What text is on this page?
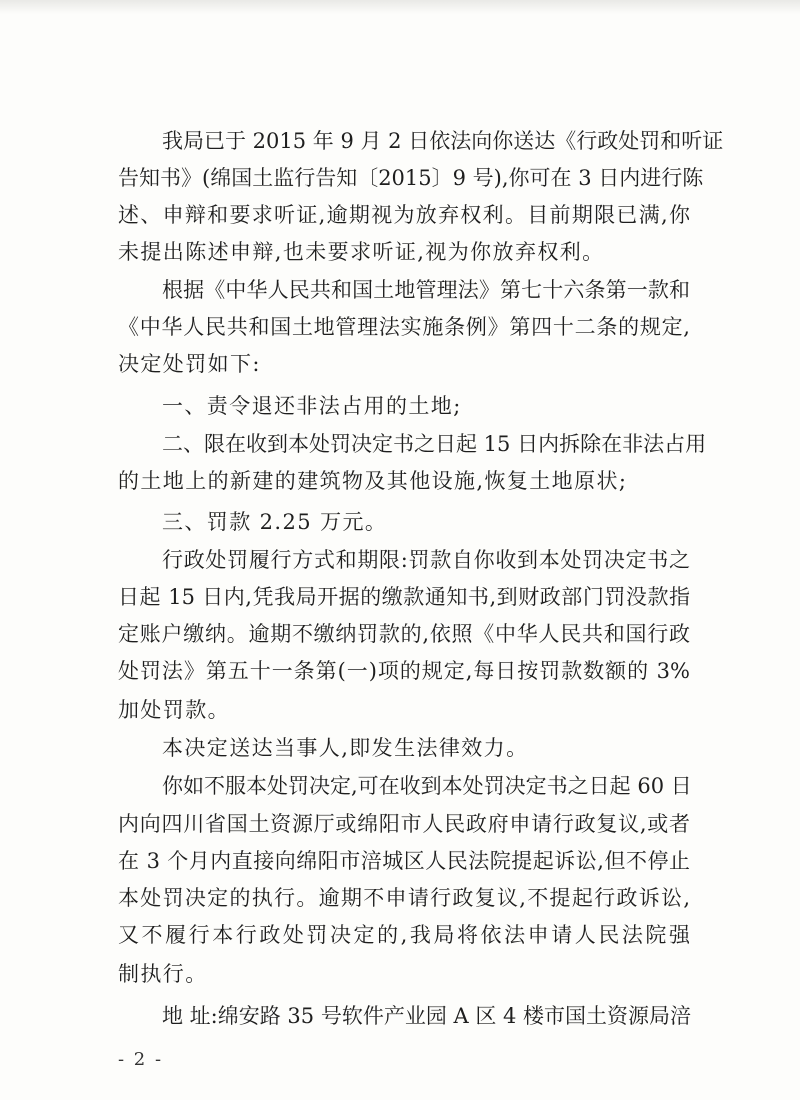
我局已于 2015 年 9 月 2 日依法向你送达《行政处罚和听证
告知书》(绵国土监行告知〔2015〕9 号),你可在 3 日内进行陈
述、申辩和要求听证,逾期视为放弃权利。目前期限已满,你
未提出陈述申辩,也未要求听证,视为你放弃权利。
根据《中华人民共和国土地管理法》第七十六条第一款和
《中华人民共和国土地管理法实施条例》第四十二条的规定,
决定处罚如下:
一、责令退还非法占用的土地;
二、限在收到本处罚决定书之日起 15 日内拆除在非法占用
的土地上的新建的建筑物及其他设施,恢复土地原状;
三、罚款 2.25 万元。
行政处罚履行方式和期限:罚款自你收到本处罚决定书之
日起 15 日内,凭我局开据的缴款通知书,到财政部门罚没款指
定账户缴纳。逾期不缴纳罚款的,依照《中华人民共和国行政
处罚法》第五十一条第(一)项的规定,每日按罚款数额的 3%
加处罚款。
本决定送达当事人,即发生法律效力。
你如不服本处罚决定,可在收到本处罚决定书之日起 60 日
内向四川省国土资源厅或绵阳市人民政府申请行政复议,或者
在 3 个月内直接向绵阳市涪城区人民法院提起诉讼,但不停止
本处罚决定的执行。逾期不申请行政复议,不提起行政诉讼,
又不履行本行政处罚决定的,我局将依法申请人民法院强
制执行。
地 址:绵安路 35 号软件产业园 A 区 4 楼市国土资源局涪
- 2 -
